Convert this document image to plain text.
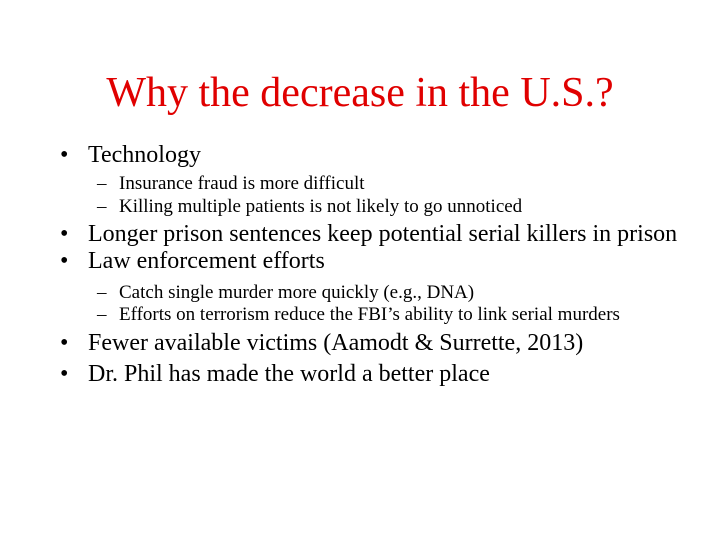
Why the decrease in the U.S.?
• Technology
– Insurance fraud is more difficult
– Killing multiple patients is not likely to go unnoticed
• Longer prison sentences keep potential serial killers in prison
• Law enforcement efforts
– Catch single murder more quickly (e.g., DNA)
– Efforts on terrorism reduce the FBI’s ability to link serial murders
• Fewer available victims (Aamodt & Surrette, 2013)
• Dr. Phil has made the world a better place
